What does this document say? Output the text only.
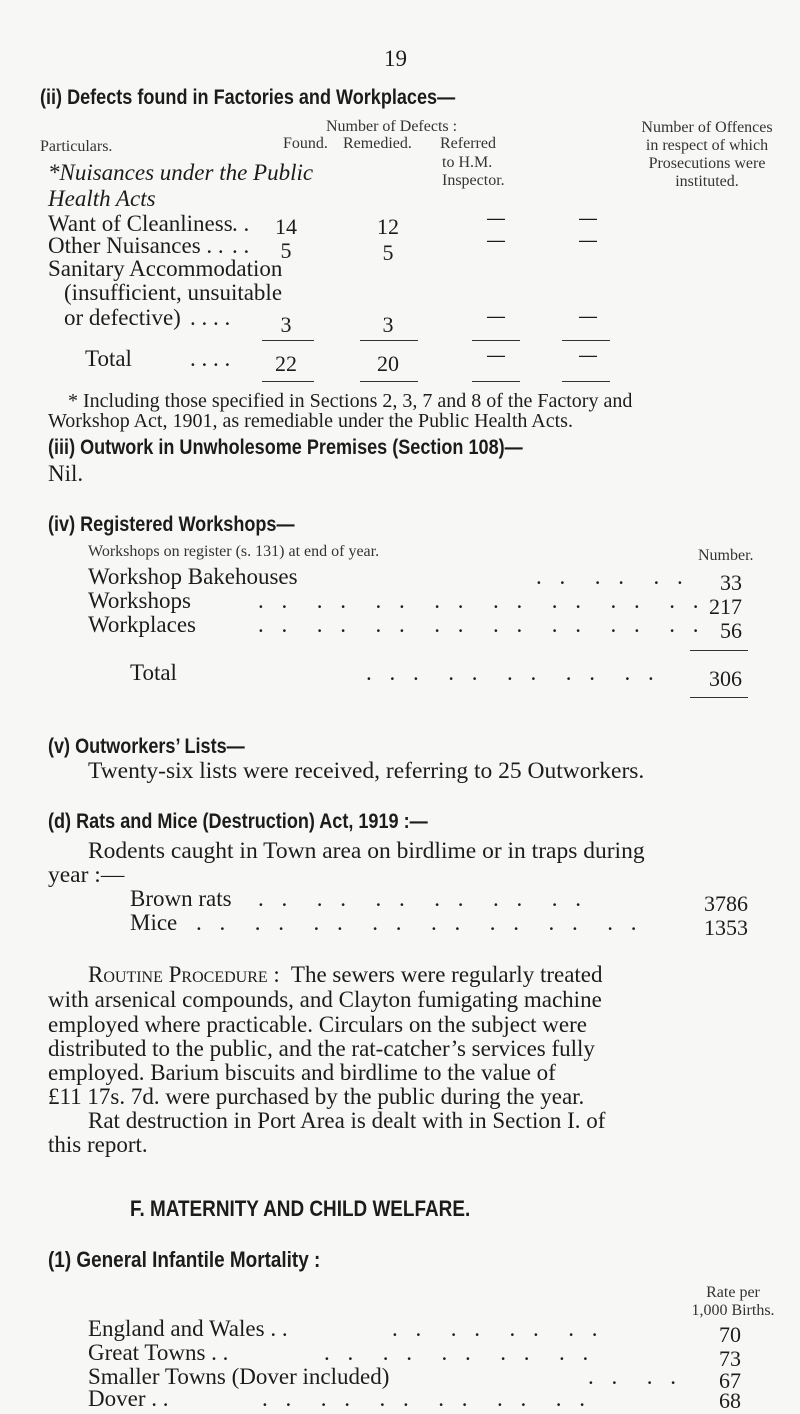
19
(ii) Defects found in Factories and Workplaces—
Particulars.
Number of Defects :
Found. Remedied. Referred
to H.M.
Inspector.
Number of Offences
in respect of which
Prosecutions were
instituted.
*Nuisances under the Public
Health Acts
Want of Cleanliness . .	14	12	—	—
Other Nuisances . . . .	5	5	—	—
Sanitary Accommodation
(insufficient, unsuitable
or defective) . . . .	3	3	—	—
Total	. . . .	22	20	—	—
* Including those specified in Sections 2, 3, 7 and 8 of the Factory and
Workshop Act, 1901, as remediable under the Public Health Acts.
(iii) Outwork in Unwholesome Premises (Section 108)—
Nil.
(iv) Registered Workshops—
Workshops on register (s. 131) at end of year.	Number.
Workshop Bakehouses	. .  . .  . .	33
Workshops	. .  . .  . .  . .  . .  . .  . .  . . 217
Workplaces	. .  . .  . .  . .  . .  . .  . .  . . 56
Total	. . .  . .  . .  . .  . .	306
(v) Outworkers’ Lists—
Twenty-six lists were received, referring to 25 Outworkers.
(d) Rats and Mice (Destruction) Act, 1919 :—
Rodents caught in Town area on birdlime or in traps during
year :—
Brown rats . .  . .  . .  . .  . .  . .	3786
Mice . .  . .  . .  . .  . .  . .  . .  . .	1353
Routine Procedure : The sewers were regularly treated
with arsenical compounds, and Clayton fumigating machine
employed where practicable. Circulars on the subject were
distributed to the public, and the rat-catcher’s services fully
employed. Barium biscuits and birdlime to the value of
£11 17s. 7d. were purchased by the public during the year.
Rat destruction in Port Area is dealt with in Section I. of
this report.
F. MATERNITY AND CHILD WELFARE.
(1) General Infantile Mortality :
Rate per
1,000 Births.
England and Wales . .	. .  . .  . .  . .	70
Great Towns . .	. .  . .  . .  . .  . .	73
Smaller Towns (Dover included)	. .  . .	67
Dover . .	. .  . .  . .  . .  . .  . .	68
